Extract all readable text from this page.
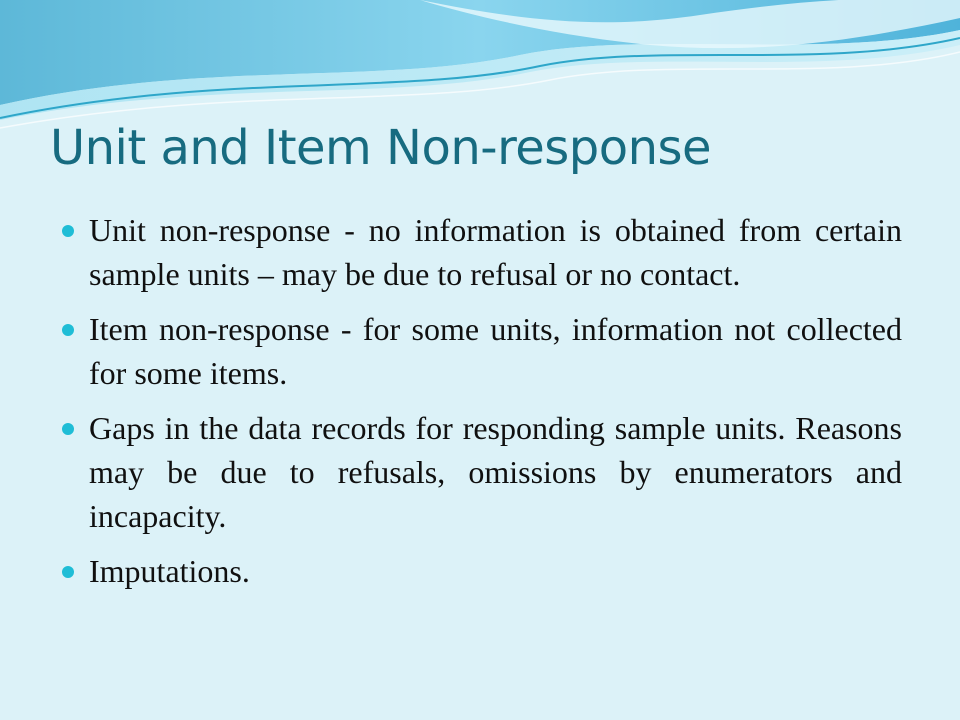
Unit and Item Non-response
Unit non-response - no information is obtained from certain sample units – may be due to refusal or no contact.
Item non-response - for some units, information not collected for some items.
Gaps in the data records for responding sample units. Reasons may be due to refusals, omissions by enumerators and incapacity.
Imputations.
